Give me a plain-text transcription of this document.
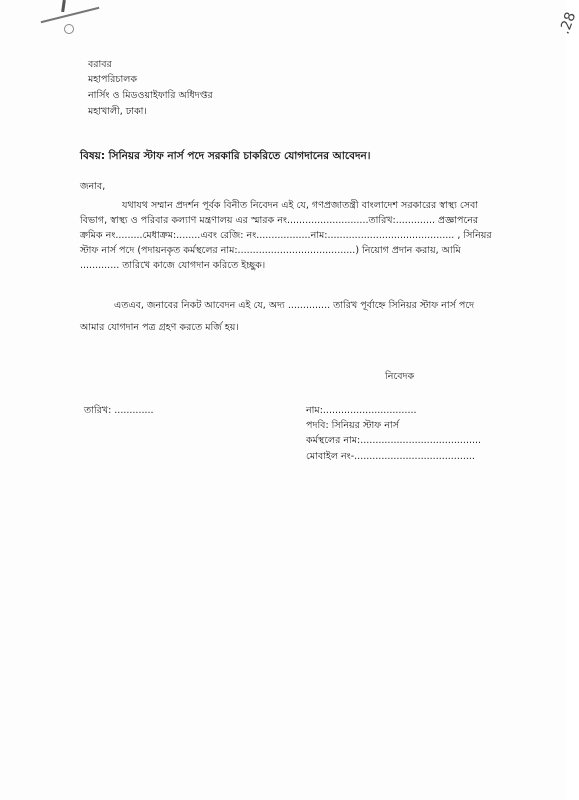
.28
বরাবর
মহাপরিচালক
নার্সিং ও মিডওয়াইফারি অধিদপ্তর
মহাখালী, ঢাকা।
বিষয়: সিনিয়র স্টাফ নার্স পদে সরকারি চাকরিতে যোগদানের আবেদন।
জনাব,
যথাযথ সম্মান প্রদর্শন পূর্বক বিনীত নিবেদন এই যে, গণপ্রজাতন্ত্রী বাংলাদেশ সরকারের স্বাস্থ্য সেবা
বিভাগ, স্বাস্থ্য ও পরিবার কল্যাণ মন্ত্রণালয় এর স্মারক নং...........................তারিখ:............. প্রজ্ঞাপনের
ক্রমিক নং.........মেধাক্রম:........এবং রেজি: নং..................নাম:.......................................... , সিনিয়র
স্টাফ নার্স পদে (পদায়নকৃত কর্মস্থলের নাম:.......................................) নিয়োগ প্রদান করায়, আমি
............. তারিখে কাজে যোগদান করিতে ইচ্ছুক।
এতএব, জনাবের নিকট আবেদন এই যে, অদ্য .............. তারিখ পূর্বাহ্নে সিনিয়র স্টাফ নার্স পদে
আমার যোগদান পত্র গ্রহণ করতে মর্জি হয়।
নিবেদক
তারিখ: .............	নাম:...............................
পদবি: সিনিয়র স্টাফ নার্স
কর্মস্থলের নাম:........................................
মোবাইল নং-........................................
